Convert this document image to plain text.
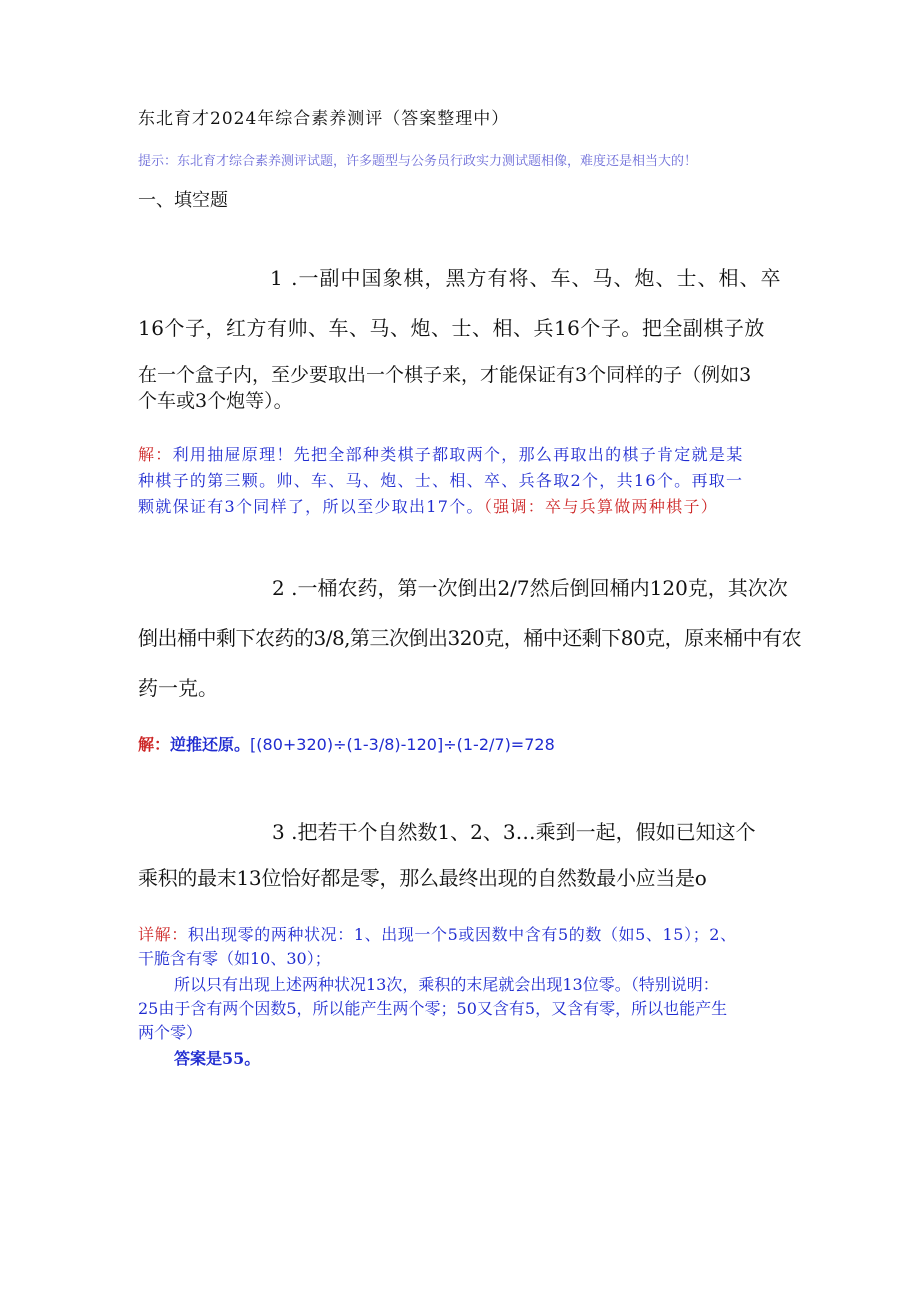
东北育才2024年综合素养测评（答案整理中）
提示：东北育才综合素养测评试题，许多题型与公务员行政实力测试题相像，难度还是相当大的！
一、填空题
1 .一副中国象棋，黑方有将、车、马、炮、士、相、卒
16个子，红方有帅、车、马、炮、士、相、兵16个子。把全副棋子放
在一个盒子内，至少要取出一个棋子来，才能保证有3个同样的子（例如3
个车或3个炮等）。
解：利用抽屉原理！先把全部种类棋子都取两个，那么再取出的棋子肯定就是某
种棋子的第三颗。帅、车、马、炮、士、相、卒、兵各取2个，共16个。再取一
颗就保证有3个同样了，所以至少取出17个。（强调：卒与兵算做两种棋子）
2 .一桶农药，第一次倒出2/7然后倒回桶内120克，其次次
倒出桶中剩下农药的3/8,第三次倒出320克，桶中还剩下80克，原来桶中有农
药一克。
解：逆推还原。[(80+320)÷(1-3/8)-120]÷(1-2/7)=728
3 .把若干个自然数1、2、3…乘到一起，假如已知这个
乘积的最末13位恰好都是零，那么最终出现的自然数最小应当是o
详解：积出现零的两种状况：1、出现一个5或因数中含有5的数（如5、15）；2、
干脆含有零（如10、30）；
所以只有出现上述两种状况13次，乘积的末尾就会出现13位零。（特别说明：
25由于含有两个因数5，所以能产生两个零；50又含有5，又含有零，所以也能产生
两个零）
答案是55。
